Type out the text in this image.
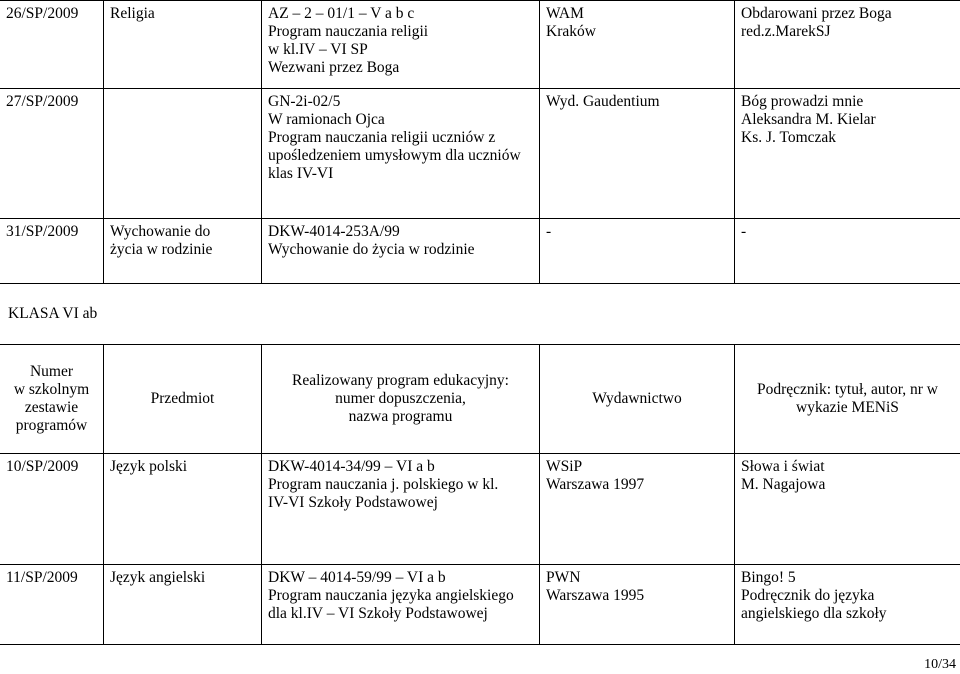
26/SP/2009	Religia	AZ – 2 – 01/1 – V a b c
Program nauczania religii
w kl.IV – VI SP
Wezwani przez Boga	WAM
Kraków	Obdarowani przez Boga
red.z.MarekSJ

27/SP/2009		GN-2i-02/5
W ramionach Ojca
Program nauczania religii uczniów z
upośledzeniem umysłowym dla uczniów
klas IV-VI	Wyd. Gaudentium	Bóg prowadzi mnie
Aleksandra M. Kielar
Ks. J. Tomczak

31/SP/2009	Wychowanie do
życia w rodzinie	DKW-4014-253A/99
Wychowanie do życia w rodzinie	-	-
KLASA VI ab
Numer
w szkolnym
zestawie
programów	Przedmiot	Realizowany program edukacyjny:
numer dopuszczenia,
nazwa programu	Wydawnictwo	Podręcznik: tytuł, autor, nr w
wykazie MENiS

10/SP/2009	Język polski	DKW-4014-34/99 – VI a b
Program nauczania j. polskiego w kl.
IV-VI Szkoły Podstawowej	WSiP
Warszawa 1997	Słowa i świat
M. Nagajowa

11/SP/2009	Język angielski	DKW – 4014-59/99 – VI a b
Program nauczania języka angielskiego
dla kl.IV – VI Szkoły Podstawowej	PWN
Warszawa 1995	Bingo! 5
Podręcznik do języka
angielskiego dla szkoły
10/34
